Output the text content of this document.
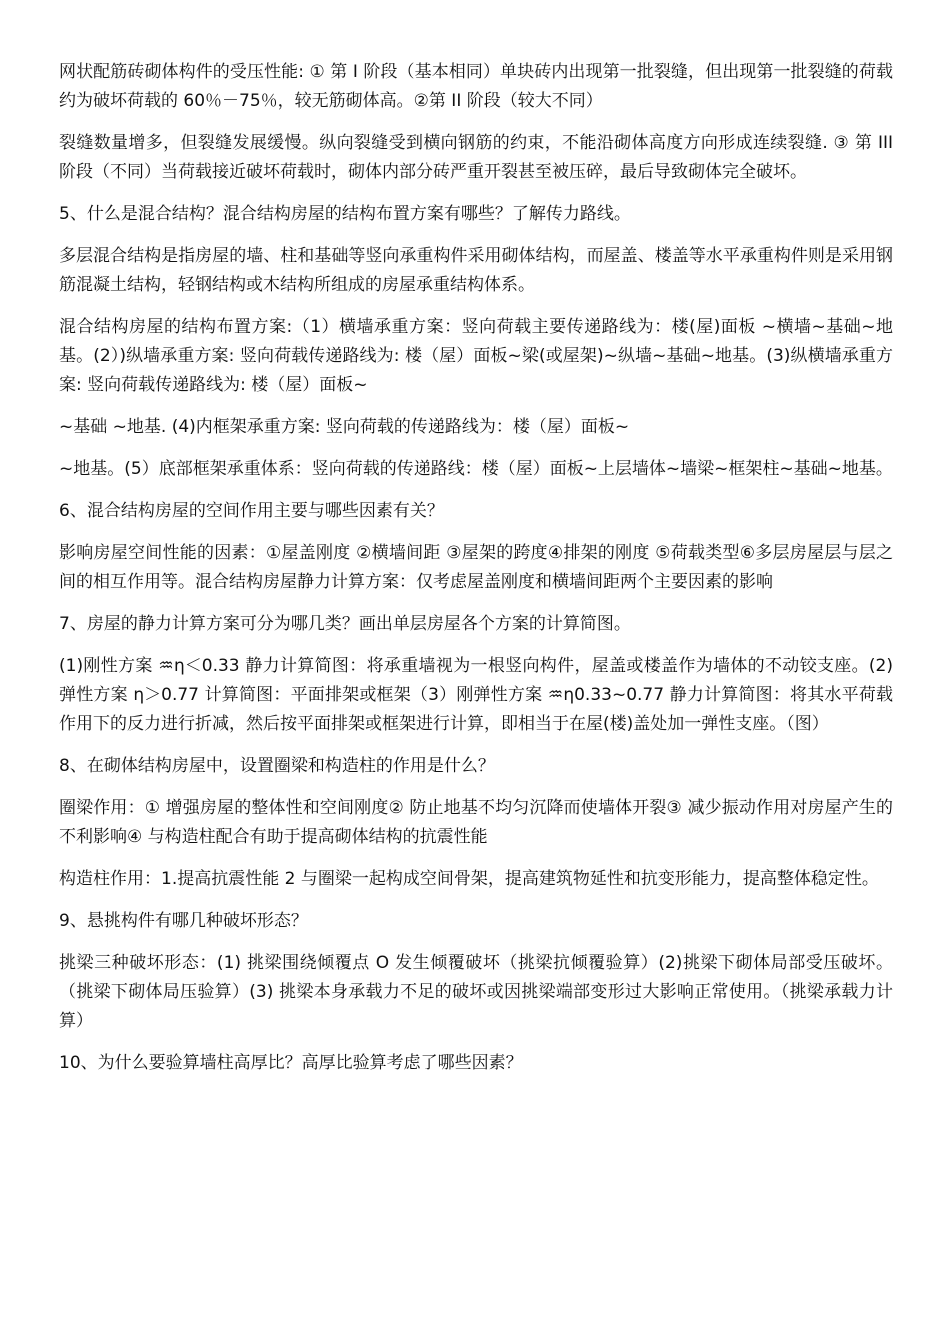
网状配筋砖砌体构件的受压性能: ① 第 I 阶段（基本相同）单块砖内出现第一批裂缝，但出现第一批裂缝的荷载约为破坏荷载的 60％－75％，较无筋砌体高。②第 II 阶段（较大不同）

裂缝数量增多，但裂缝发展缓慢。纵向裂缝受到横向钢筋的约束，不能沿砌体高度方向形成连续裂缝. ③ 第 III 阶段（不同）当荷载接近破坏荷载时，砌体内部分砖严重开裂甚至被压碎，最后导致砌体完全破坏。

5、什么是混合结构？混合结构房屋的结构布置方案有哪些？了解传力路线。

多层混合结构是指房屋的墙、柱和基础等竖向承重构件采用砌体结构，而屋盖、楼盖等水平承重构件则是采用钢筋混凝土结构，轻钢结构或木结构所组成的房屋承重结构体系。

混合结构房屋的结构布置方案:（1）横墙承重方案：竖向荷载主要传递路线为：楼(屋)面板 ~横墙~基础~地基。(2）)纵墙承重方案: 竖向荷载传递路线为: 楼（屋）面板~梁(或屋架)~纵墙~基础~地基。(3)纵横墙承重方案: 竖向荷载传递路线为: 楼（屋）面板~

~基础 ~地基. (4)内框架承重方案: 竖向荷载的传递路线为：楼（屋）面板~

~地基。(5）底部框架承重体系：竖向荷载的传递路线：楼（屋）面板~上层墙体~墙梁~框架柱~基础~地基。

6、混合结构房屋的空间作用主要与哪些因素有关？

影响房屋空间性能的因素：①屋盖刚度 ②横墙间距 ③屋架的跨度④排架的刚度 ⑤荷载类型⑥多层房屋层与层之间的相互作用等。混合结构房屋静力计算方案：仅考虑屋盖刚度和横墙间距两个主要因素的影响

7、房屋的静力计算方案可分为哪几类？画出单层房屋各个方案的计算简图。

(1)刚性方案 ♒η＜0.33 静力计算简图：将承重墙视为一根竖向构件，屋盖或楼盖作为墙体的不动铰支座。(2)弹性方案 η＞0.77 计算简图：平面排架或框架（3）刚弹性方案 ♒η0.33~0.77 静力计算简图：将其水平荷载作用下的反力进行折减，然后按平面排架或框架进行计算，即相当于在屋(楼)盖处加一弹性支座。（图）

8、在砌体结构房屋中，设置圈梁和构造柱的作用是什么？

圈梁作用：① 增强房屋的整体性和空间刚度② 防止地基不均匀沉降而使墙体开裂③ 减少振动作用对房屋产生的不利影响④ 与构造柱配合有助于提高砌体结构的抗震性能

构造柱作用：1.提高抗震性能 2 与圈梁一起构成空间骨架，提高建筑物延性和抗变形能力，提高整体稳定性。

9、悬挑构件有哪几种破坏形态？

挑梁三种破坏形态：(1) 挑梁围绕倾覆点 O 发生倾覆破坏（挑梁抗倾覆验算）(2)挑梁下砌体局部受压破坏。（挑梁下砌体局压验算）(3) 挑梁本身承载力不足的破坏或因挑梁端部变形过大影响正常使用。（挑梁承载力计算）

10、为什么要验算墙柱高厚比？高厚比验算考虑了哪些因素？
